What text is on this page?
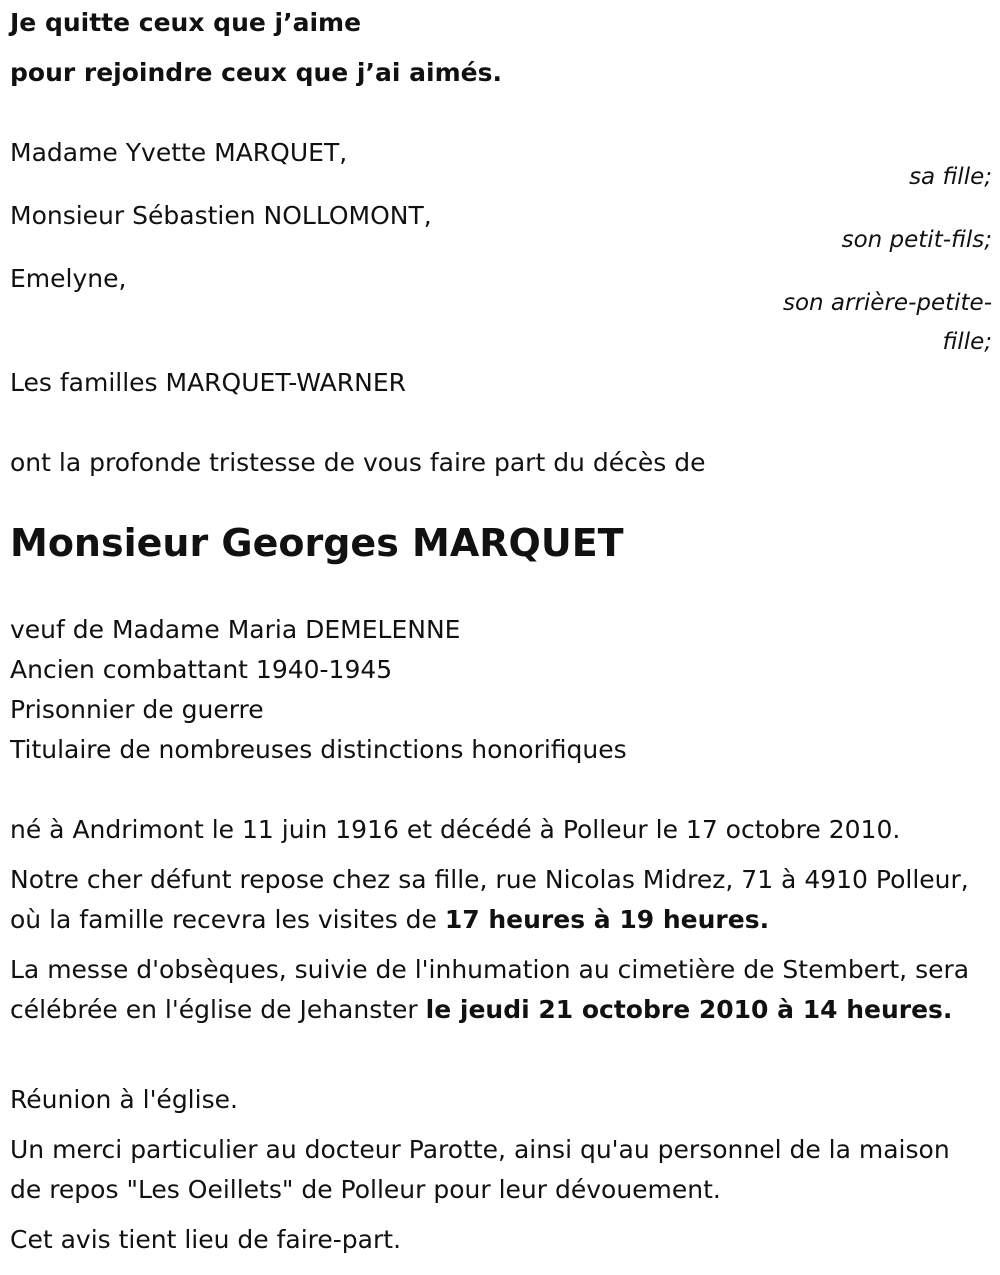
Je quitte ceux que j’aime
pour rejoindre ceux que j’ai aimés.
Madame Yvette MARQUET,
sa fille;
Monsieur Sébastien NOLLOMONT,
son petit-fils;
Emelyne,
son arrière-petite-
fille;
Les familles MARQUET-WARNER
ont la profonde tristesse de vous faire part du décès de
Monsieur Georges MARQUET
veuf de Madame Maria DEMELENNE
Ancien combattant 1940-1945
Prisonnier de guerre
Titulaire de nombreuses distinctions honorifiques
né à Andrimont le 11 juin 1916 et décédé à Polleur le 17 octobre 2010.
Notre cher défunt repose chez sa fille, rue Nicolas Midrez, 71 à 4910 Polleur, où la famille recevra les visites de 17 heures à 19 heures.
La messe d'obsèques, suivie de l'inhumation au cimetière de Stembert, sera célébrée en l'église de Jehanster le jeudi 21 octobre 2010 à 14 heures.
Réunion à l'église.
Un merci particulier au docteur Parotte, ainsi qu'au personnel de la maison de repos "Les Oeillets" de Polleur pour leur dévouement.
Cet avis tient lieu de faire-part.
